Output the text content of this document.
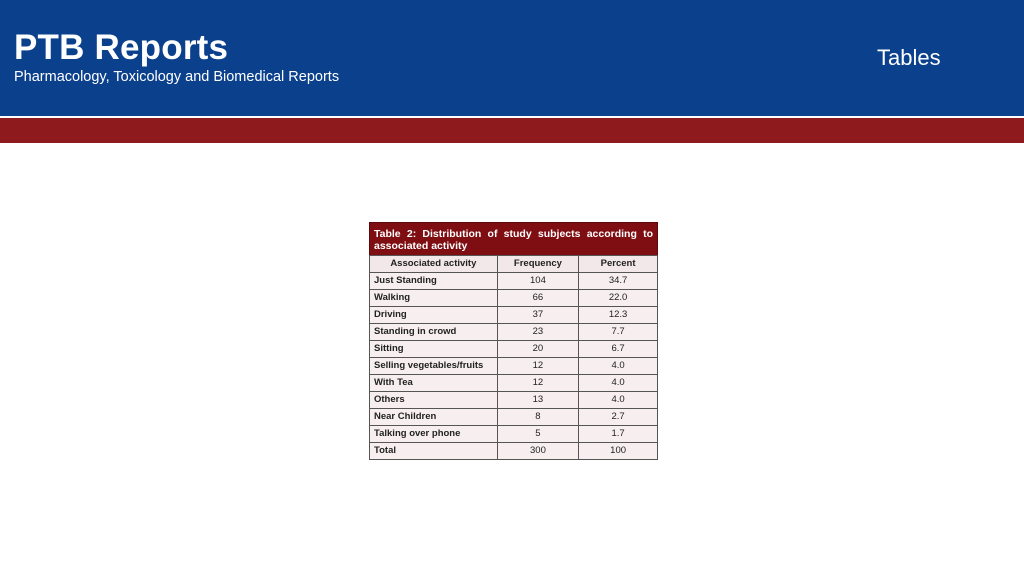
PTB Reports
Pharmacology, Toxicology and Biomedical Reports
Tables
Table 2: Distribution of study subjects according to associated activity
Associated activity	Frequency	Percent
Just Standing	104	34.7
Walking	66	22.0
Driving	37	12.3
Standing in crowd	23	7.7
Sitting	20	6.7
Selling vegetables/fruits	12	4.0
With Tea	12	4.0
Others	13	4.0
Near Children	8	2.7
Talking over phone	5	1.7
Total	300	100
